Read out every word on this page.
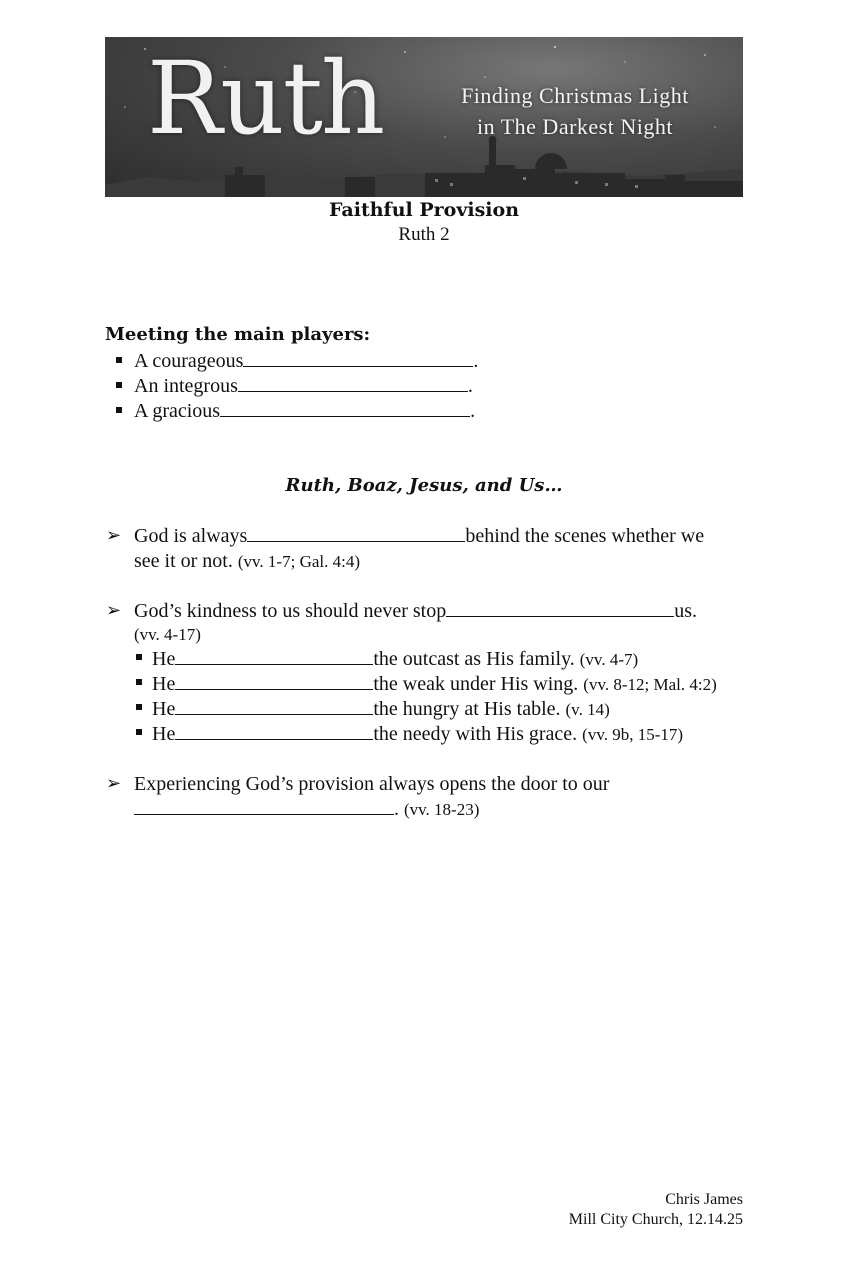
Ruth	Finding Christmas Light
in The Darkest Night
Faithful Provision
Ruth 2
Meeting the main players:
A courageous	.
An integrous	.
A gracious	.
Ruth, Boaz, Jesus, and Us…
➢ God is always	behind the scenes whether we
see it or not. (vv. 1-7; Gal. 4:4)
➢ God’s kindness to us should never stop	us.
(vv. 4-17)
He	the outcast as His family. (vv. 4-7)
He	the weak under His wing. (vv. 8-12; Mal. 4:2)
He	the hungry at His table. (v. 14)
He	the needy with His grace. (vv. 9b, 15-17)
➢ Experiencing God’s provision always opens the door to our
. (vv. 18-23)
Chris James
Mill City Church, 12.14.25
